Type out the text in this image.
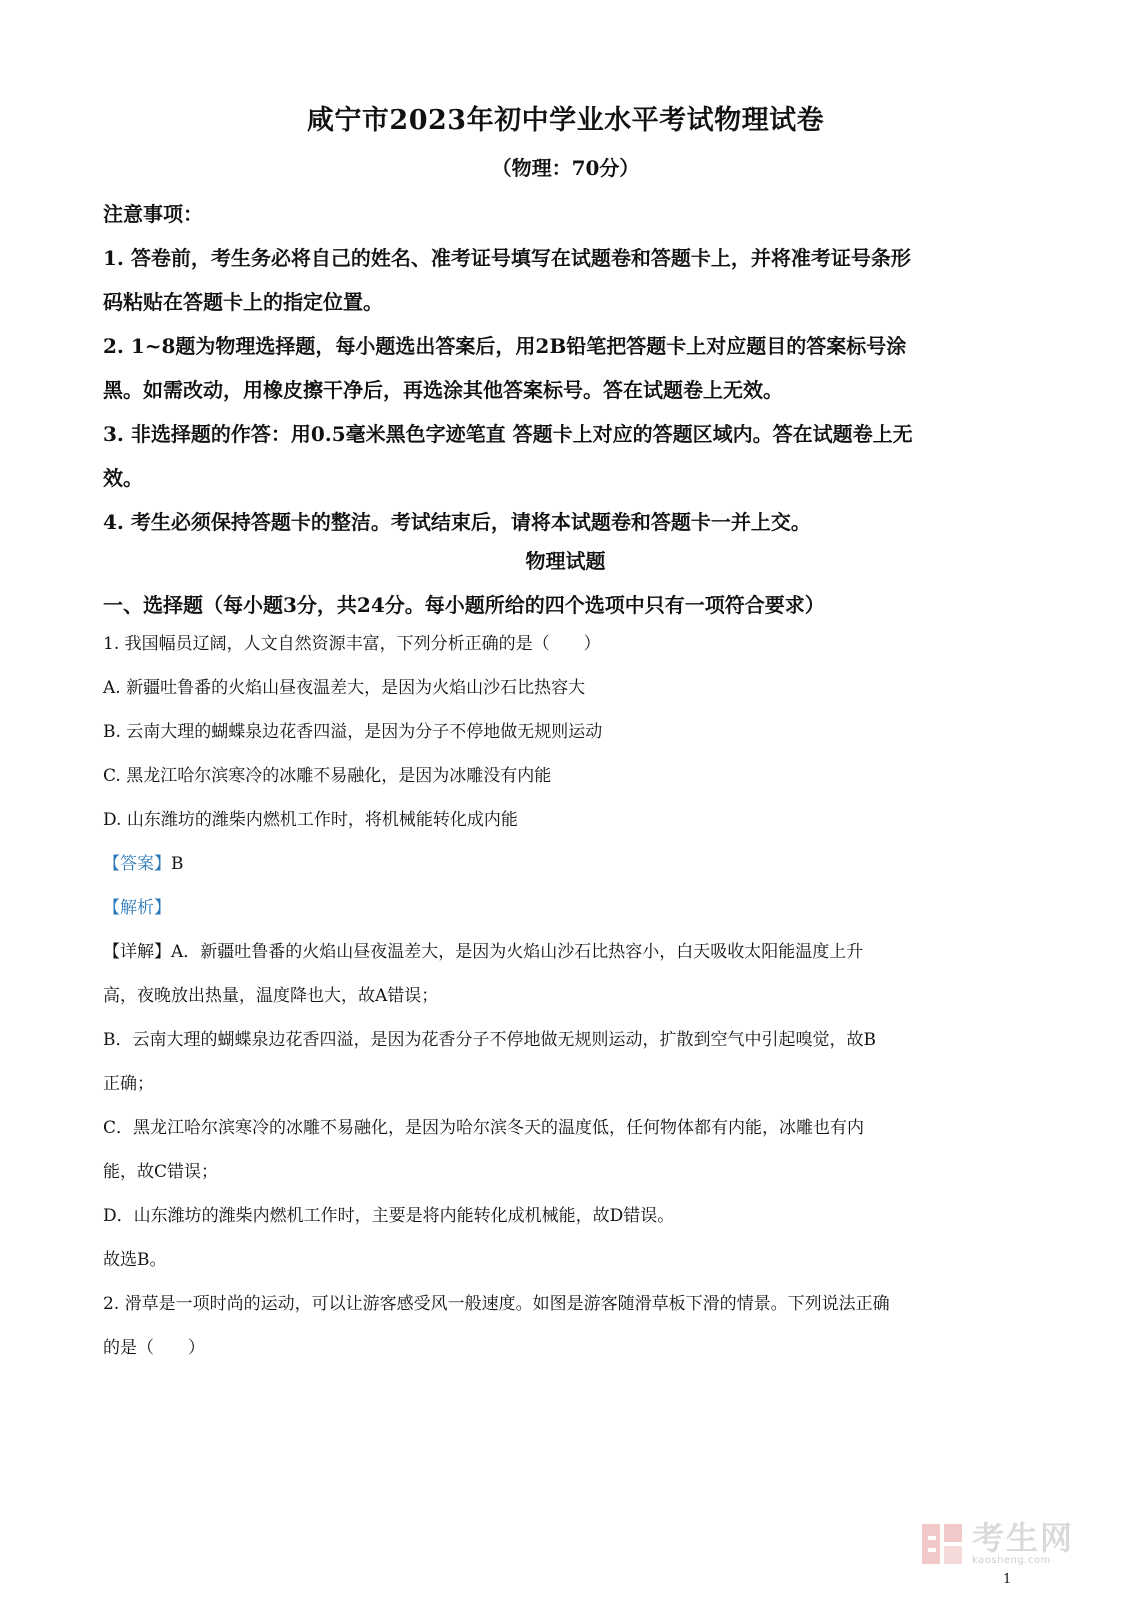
咸宁市2023年初中学业水平考试物理试卷
（物理：70分）

注意事项：

1. 答卷前，考生务必将自己的姓名、准考证号填写在试题卷和答题卡上，并将准考证号条形

码粘贴在答题卡上的指定位置。

2. 1~8题为物理选择题，每小题选出答案后，用2B铅笔把答题卡上对应题目的答案标号涂

黑。如需改动，用橡皮擦干净后，再选涂其他答案标号。答在试题卷上无效。

3. 非选择题的作答：用0.5毫米黑色字迹笔直 答题卡上对应的答题区域内。答在试题卷上无

效。

4. 考生必须保持答题卡的整洁。考试结束后，请将本试题卷和答题卡一并上交。

物理试题
一、选择题（每小题3分，共24分。每小题所给的四个选项中只有一项符合要求）
1. 我国幅员辽阔，人文自然资源丰富，下列分析正确的是（　　）
A. 新疆吐鲁番的火焰山昼夜温差大，是因为火焰山沙石比热容大
B. 云南大理的蝴蝶泉边花香四溢，是因为分子不停地做无规则运动
C. 黑龙江哈尔滨寒冷的冰雕不易融化，是因为冰雕没有内能
D. 山东潍坊的潍柴内燃机工作时，将机械能转化成内能
【答案】B
【解析】
【详解】A．新疆吐鲁番的火焰山昼夜温差大，是因为火焰山沙石比热容小，白天吸收太阳能温度上升
高，夜晚放出热量，温度降也大，故A错误；
B．云南大理的蝴蝶泉边花香四溢，是因为花香分子不停地做无规则运动，扩散到空气中引起嗅觉，故B
正确；
C．黑龙江哈尔滨寒冷的冰雕不易融化，是因为哈尔滨冬天的温度低，任何物体都有内能，冰雕也有内
能，故C错误；
D．山东潍坊的潍柴内燃机工作时，主要是将内能转化成机械能，故D错误。
故选B。
2. 滑草是一项时尚的运动，可以让游客感受风一般速度。如图是游客随滑草板下滑的情景。下列说法正确
的是（　　）
考生网
kaosheng.com
1
